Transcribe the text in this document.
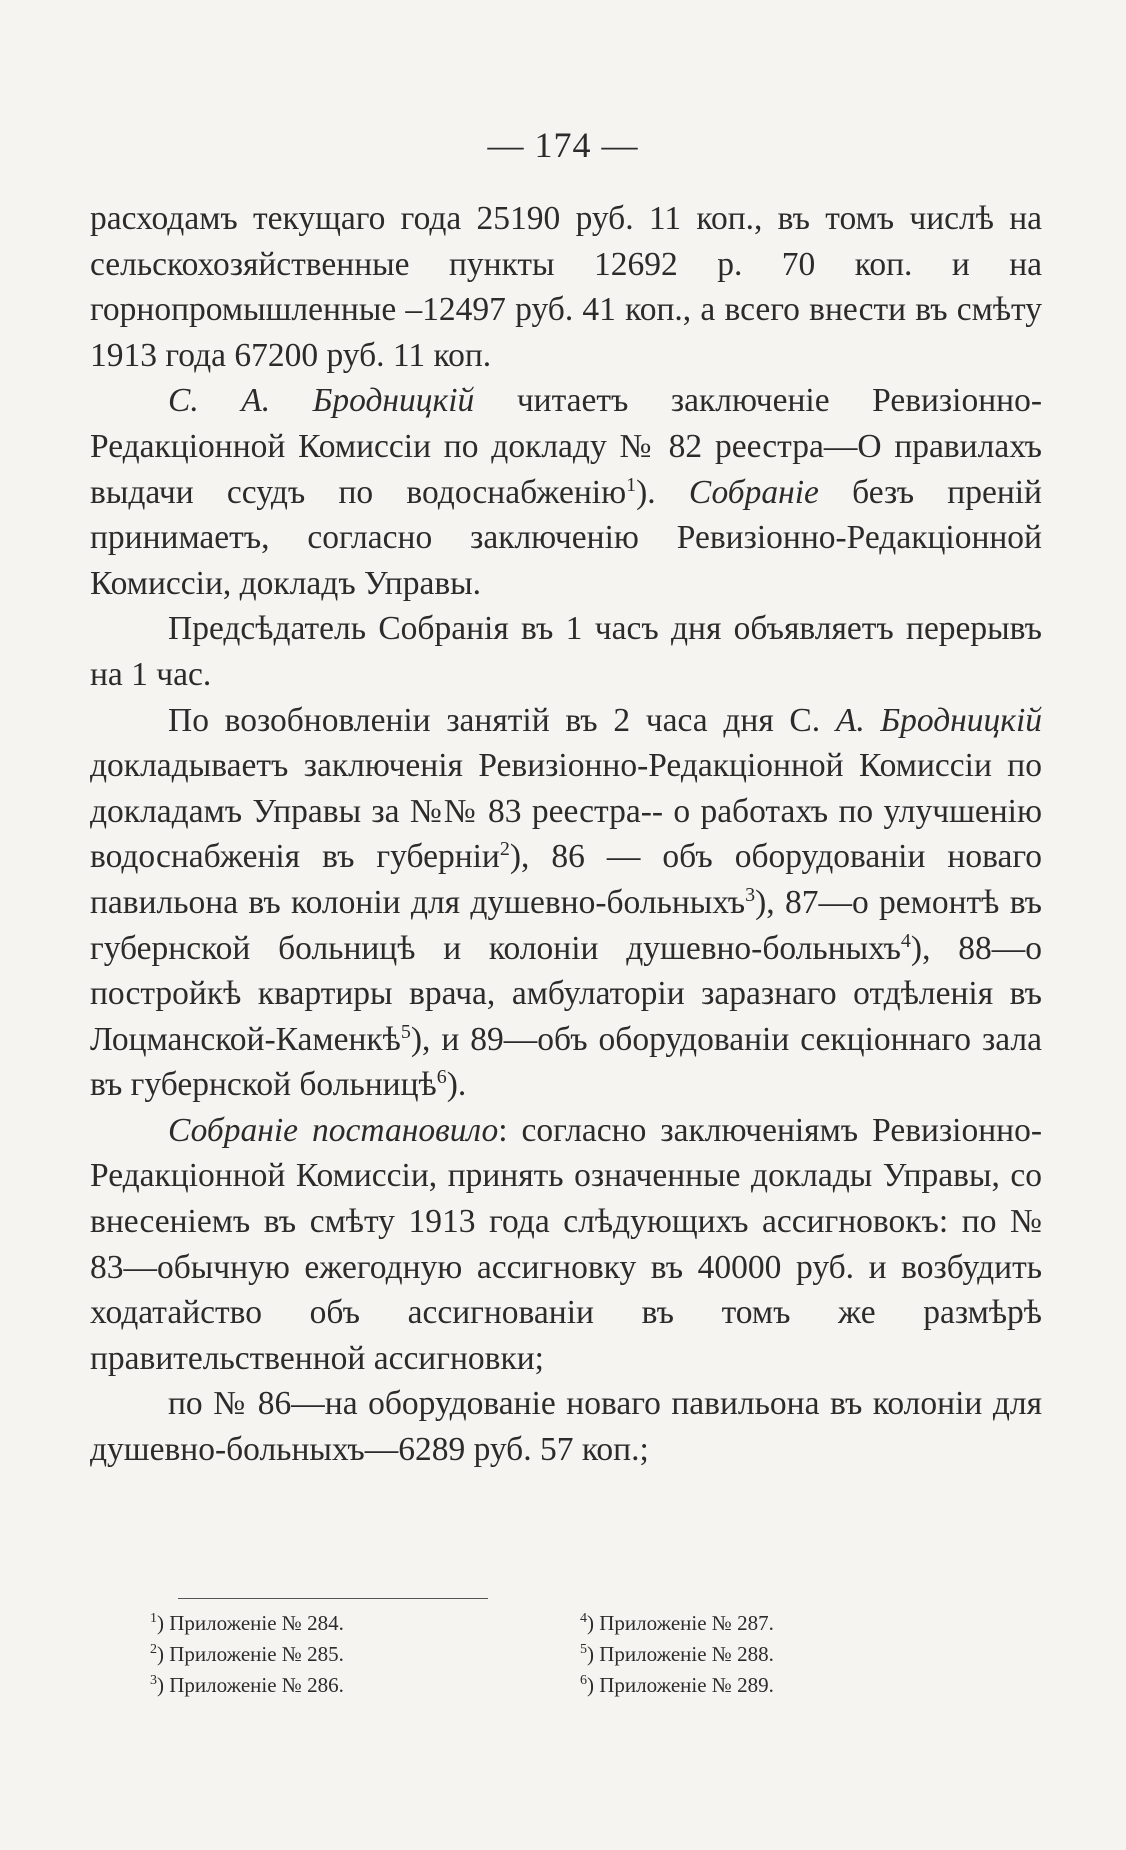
— 174 —

расходамъ текущаго года 25190 руб. 11 коп., въ томъ числѣ на сельскохозяйственные пункты 12692 р. 70 коп. и на горнопромышленные –12497 руб. 41 коп., а всего внести въ смѣту 1913 года 67200 руб. 11 коп.

С. А. Бродницкій читаетъ заключеніе Ревизіонно-Редакціонной Комиссіи по докладу № 82 реестра—О правилахъ выдачи ссудъ по водоснабженію$^1$). Собраніе безъ преній принимаетъ, согласно заключенію Ревизіонно-Редакціонной Комиссіи, докладъ Управы.

Предсѣдатель Собранія въ 1 часъ дня объявляетъ перерывъ на 1 час.

По возобновленіи занятій въ 2 часа дня С. А. Бродницкій докладываетъ заключенія Ревизіонно-Редакціонной Комиссіи по докладамъ Управы за №№ 83 реестра-- о работахъ по улучшенію водоснабженія въ губерніи$^2$), 86 — объ оборудованіи новаго павильона въ колоніи для душевно-больныхъ$^3$), 87—о ремонтѣ въ губернской больницѣ и колоніи душевно-больныхъ$^4$), 88—о постройкѣ квартиры врача, амбулаторіи заразнаго отдѣленія въ Лоцманской-Каменкѣ$^5$), и 89—объ оборудованіи секціоннаго зала въ губернской больницѣ$^6$).

Собраніе постановило: согласно заключеніямъ Ревизіонно-Редакціонной Комиссіи, принять означенные доклады Управы, со внесеніемъ въ смѣту 1913 года слѣдующихъ ассигновокъ: по № 83—обычную ежегодную ассигновку въ 40000 руб. и возбудить ходатайство объ ассигнованіи въ томъ же размѣрѣ правительственной ассигновки;

по № 86—на оборудованіе новаго павильона въ колоніи для душевно-больныхъ—6289 руб. 57 коп.;

$^1$) Приложеніе № 284.	$^4$) Приложеніе № 287.
$^2$) Приложеніе № 285.	$^5$) Приложеніе № 288.
$^3$) Приложеніе № 286.	$^6$) Приложеніе № 289.
